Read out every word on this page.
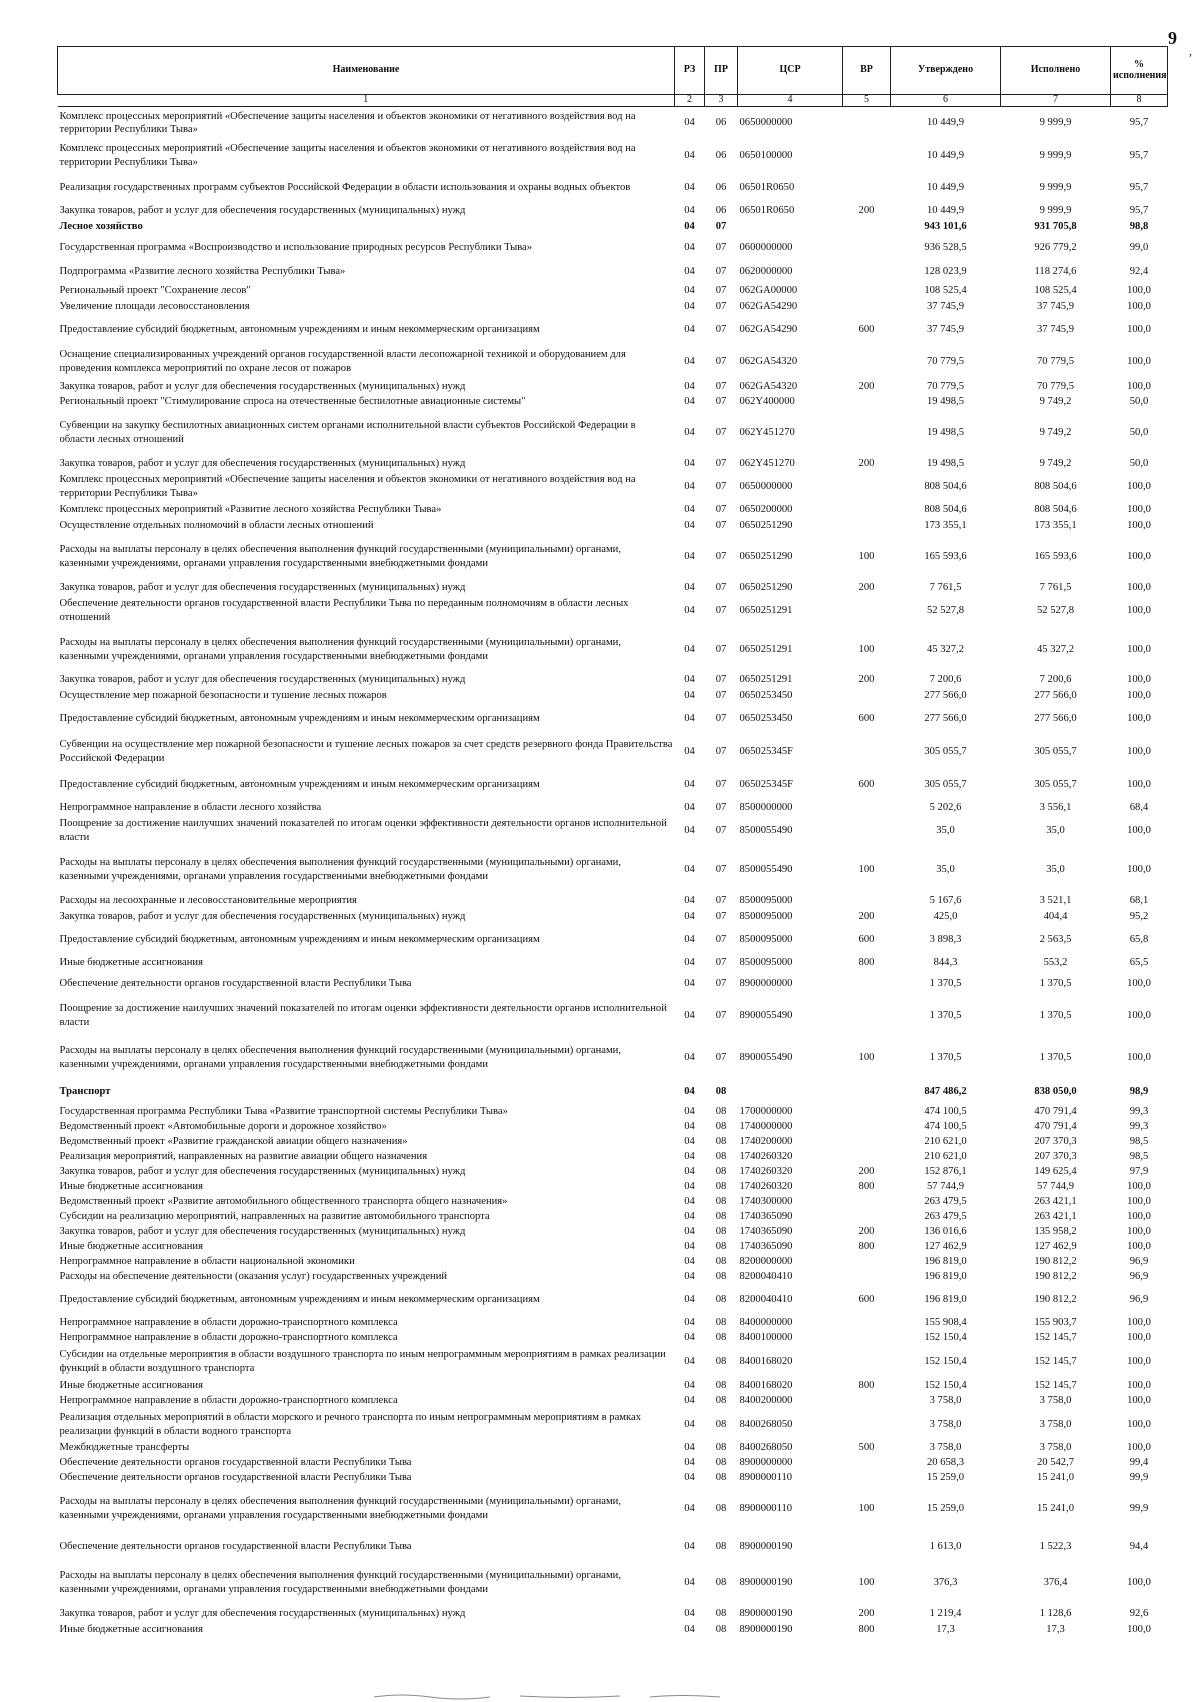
9
,
Наименование	РЗ	ПР	ЦСР	ВР	Утверждено	Исполнено	% исполнения
1	2	3	4	5	6	7	8
Комплекс процессных мероприятий «Обеспечение защиты населения и объектов экономики от негативного воздействия вод на территории Республики Тыва»	04	06	0650000000		10 449,9	9 999,9	95,7
Комплекс процессных мероприятий «Обеспечение защиты населения и объектов экономики от негативного воздействия вод на территории Республики Тыва»	04	06	0650100000		10 449,9	9 999,9	95,7
Реализация государственных программ субъектов Российской Федерации в области использования и охраны водных объектов	04	06	06501R0650		10 449,9	9 999,9	95,7
Закупка товаров, работ и услуг для обеспечения государственных (муниципальных) нужд	04	06	06501R0650	200	10 449,9	9 999,9	95,7
Лесное хозяйство	04	07			943 101,6	931 705,8	98,8
Государственная программа «Воспроизводство и использование природных ресурсов Республики Тыва»	04	07	0600000000		936 528,5	926 779,2	99,0
Подпрограмма «Развитие лесного хозяйства Республики Тыва»	04	07	0620000000		128 023,9	118 274,6	92,4
Региональный проект "Сохранение лесов"	04	07	062GA00000		108 525,4	108 525,4	100,0
Увеличение площади лесовосстановления	04	07	062GA54290		37 745,9	37 745,9	100,0
Предоставление субсидий бюджетным, автономным учреждениям и иным некоммерческим организациям	04	07	062GA54290	600	37 745,9	37 745,9	100,0
Оснащение специализированных учреждений органов государственной власти лесопожарной техникой и оборудованием для проведения комплекса мероприятий по охране лесов от пожаров	04	07	062GA54320		70 779,5	70 779,5	100,0
Закупка товаров, работ и услуг для обеспечения государственных (муниципальных) нужд	04	07	062GA54320	200	70 779,5	70 779,5	100,0
Региональный проект "Стимулирование спроса на отечественные беспилотные авиационные системы"	04	07	062Y400000		19 498,5	9 749,2	50,0
Субвенции на закупку беспилотных авиационных систем органами исполнительной власти субъектов Российской Федерации в области лесных отношений	04	07	062Y451270		19 498,5	9 749,2	50,0
Закупка товаров, работ и услуг для обеспечения государственных (муниципальных) нужд	04	07	062Y451270	200	19 498,5	9 749,2	50,0
Комплекс процессных мероприятий «Обеспечение защиты населения и объектов экономики от негативного воздействия вод на территории Республики Тыва»	04	07	0650000000		808 504,6	808 504,6	100,0
Комплекс процессных мероприятий «Развитие лесного хозяйства Республики Тыва»	04	07	0650200000		808 504,6	808 504,6	100,0
Осуществление отдельных полномочий в области лесных отношений	04	07	0650251290		173 355,1	173 355,1	100,0
Расходы на выплаты персоналу в целях обеспечения выполнения функций государственными (муниципальными) органами, казенными учреждениями, органами управления государственными внебюджетными фондами	04	07	0650251290	100	165 593,6	165 593,6	100,0
Закупка товаров, работ и услуг для обеспечения государственных (муниципальных) нужд	04	07	0650251290	200	7 761,5	7 761,5	100,0
Обеспечение деятельности органов государственной власти Республики Тыва по переданным полномочиям в области лесных отношений	04	07	0650251291		52 527,8	52 527,8	100,0
Расходы на выплаты персоналу в целях обеспечения выполнения функций государственными (муниципальными) органами, казенными учреждениями, органами управления государственными внебюджетными фондами	04	07	0650251291	100	45 327,2	45 327,2	100,0
Закупка товаров, работ и услуг для обеспечения государственных (муниципальных) нужд	04	07	0650251291	200	7 200,6	7 200,6	100,0
Осуществление мер пожарной безопасности и тушение лесных пожаров	04	07	0650253450		277 566,0	277 566,0	100,0
Предоставление субсидий бюджетным, автономным учреждениям и иным некоммерческим организациям	04	07	0650253450	600	277 566,0	277 566,0	100,0
Субвенции на осуществление мер пожарной безопасности и тушение лесных пожаров за счет средств резервного фонда Правительства Российской Федерации	04	07	065025345F		305 055,7	305 055,7	100,0
Предоставление субсидий бюджетным, автономным учреждениям и иным некоммерческим организациям	04	07	065025345F	600	305 055,7	305 055,7	100,0
Непрограммное направление в области лесного хозяйства	04	07	8500000000		5 202,6	3 556,1	68,4
Поощрение за достижение наилучших значений показателей по итогам оценки эффективности деятельности органов исполнительной власти	04	07	8500055490		35,0	35,0	100,0
Расходы на выплаты персоналу в целях обеспечения выполнения функций государственными (муниципальными) органами, казенными учреждениями, органами управления государственными внебюджетными фондами	04	07	8500055490	100	35,0	35,0	100,0
Расходы на лесоохранные и лесовосстановительные мероприятия	04	07	8500095000		5 167,6	3 521,1	68,1
Закупка товаров, работ и услуг для обеспечения государственных (муниципальных) нужд	04	07	8500095000	200	425,0	404,4	95,2
Предоставление субсидий бюджетным, автономным учреждениям и иным некоммерческим организациям	04	07	8500095000	600	3 898,3	2 563,5	65,8
Иные бюджетные ассигнования	04	07	8500095000	800	844,3	553,2	65,5
Обеспечение деятельности органов государственной власти Республики Тыва	04	07	8900000000		1 370,5	1 370,5	100,0
Поощрение за достижение наилучших значений показателей по итогам оценки эффективности деятельности органов исполнительной власти	04	07	8900055490		1 370,5	1 370,5	100,0
Расходы на выплаты персоналу в целях обеспечения выполнения функций государственными (муниципальными) органами, казенными учреждениями, органами управления государственными внебюджетными фондами	04	07	8900055490	100	1 370,5	1 370,5	100,0
Транспорт	04	08			847 486,2	838 050,0	98,9
Государственная программа Республики Тыва «Развитие транспортной системы Республики Тыва»	04	08	1700000000		474 100,5	470 791,4	99,3
Ведомственный проект «Автомобильные дороги и дорожное хозяйство»	04	08	1740000000		474 100,5	470 791,4	99,3
Ведомственный проект «Развитие гражданской авиации общего назначения»	04	08	1740200000		210 621,0	207 370,3	98,5
Реализация мероприятий, направленных на развитие авиации общего назначения	04	08	1740260320		210 621,0	207 370,3	98,5
Закупка товаров, работ и услуг для обеспечения государственных (муниципальных) нужд	04	08	1740260320	200	152 876,1	149 625,4	97,9
Иные бюджетные ассигнования	04	08	1740260320	800	57 744,9	57 744,9	100,0
Ведомственный проект «Развитие автомобильного общественного транспорта общего назначения»	04	08	1740300000		263 479,5	263 421,1	100,0
Субсидии на реализацию мероприятий, направленных на развитие автомобильного транспорта	04	08	1740365090		263 479,5	263 421,1	100,0
Закупка товаров, работ и услуг для обеспечения государственных (муниципальных) нужд	04	08	1740365090	200	136 016,6	135 958,2	100,0
Иные бюджетные ассигнования	04	08	1740365090	800	127 462,9	127 462,9	100,0
Непрограммное направление в области национальной экономики	04	08	8200000000		196 819,0	190 812,2	96,9
Расходы на обеспечение деятельности (оказания услуг) государственных учреждений	04	08	8200040410		196 819,0	190 812,2	96,9
Предоставление субсидий бюджетным, автономным учреждениям и иным некоммерческим организациям	04	08	8200040410	600	196 819,0	190 812,2	96,9
Непрограммное направление в области дорожно-транспортного комплекса	04	08	8400000000		155 908,4	155 903,7	100,0
Непрограммное направление в области дорожно-транспортного комплекса	04	08	8400100000		152 150,4	152 145,7	100,0
Субсидии на отдельные мероприятия в области воздушного транспорта по иным непрограммным мероприятиям в рамках реализации функций в области воздушного транспорта	04	08	8400168020		152 150,4	152 145,7	100,0
Иные бюджетные ассигнования	04	08	8400168020	800	152 150,4	152 145,7	100,0
Непрограммное направление в области дорожно-транспортного комплекса	04	08	8400200000		3 758,0	3 758,0	100,0
Реализация отдельных мероприятий в области морского и речного транспорта по иным непрограммным мероприятиям в рамках реализации функций в области водного транспорта	04	08	8400268050		3 758,0	3 758,0	100,0
Межбюджетные трансферты	04	08	8400268050	500	3 758,0	3 758,0	100,0
Обеспечение деятельности органов государственной власти Республики Тыва	04	08	8900000000		20 658,3	20 542,7	99,4
Обеспечение деятельности органов государственной власти Республики Тыва	04	08	8900000110		15 259,0	15 241,0	99,9
Расходы на выплаты персоналу в целях обеспечения выполнения функций государственными (муниципальными) органами, казенными учреждениями, органами управления государственными внебюджетными фондами	04	08	8900000110	100	15 259,0	15 241,0	99,9
Обеспечение деятельности органов государственной власти Республики Тыва	04	08	8900000190		1 613,0	1 522,3	94,4
Расходы на выплаты персоналу в целях обеспечения выполнения функций государственными (муниципальными) органами, казенными учреждениями, органами управления государственными внебюджетными фондами	04	08	8900000190	100	376,3	376,4	100,0
Закупка товаров, работ и услуг для обеспечения государственных (муниципальных) нужд	04	08	8900000190	200	1 219,4	1 128,6	92,6
Иные бюджетные ассигнования	04	08	8900000190	800	17,3	17,3	100,0
